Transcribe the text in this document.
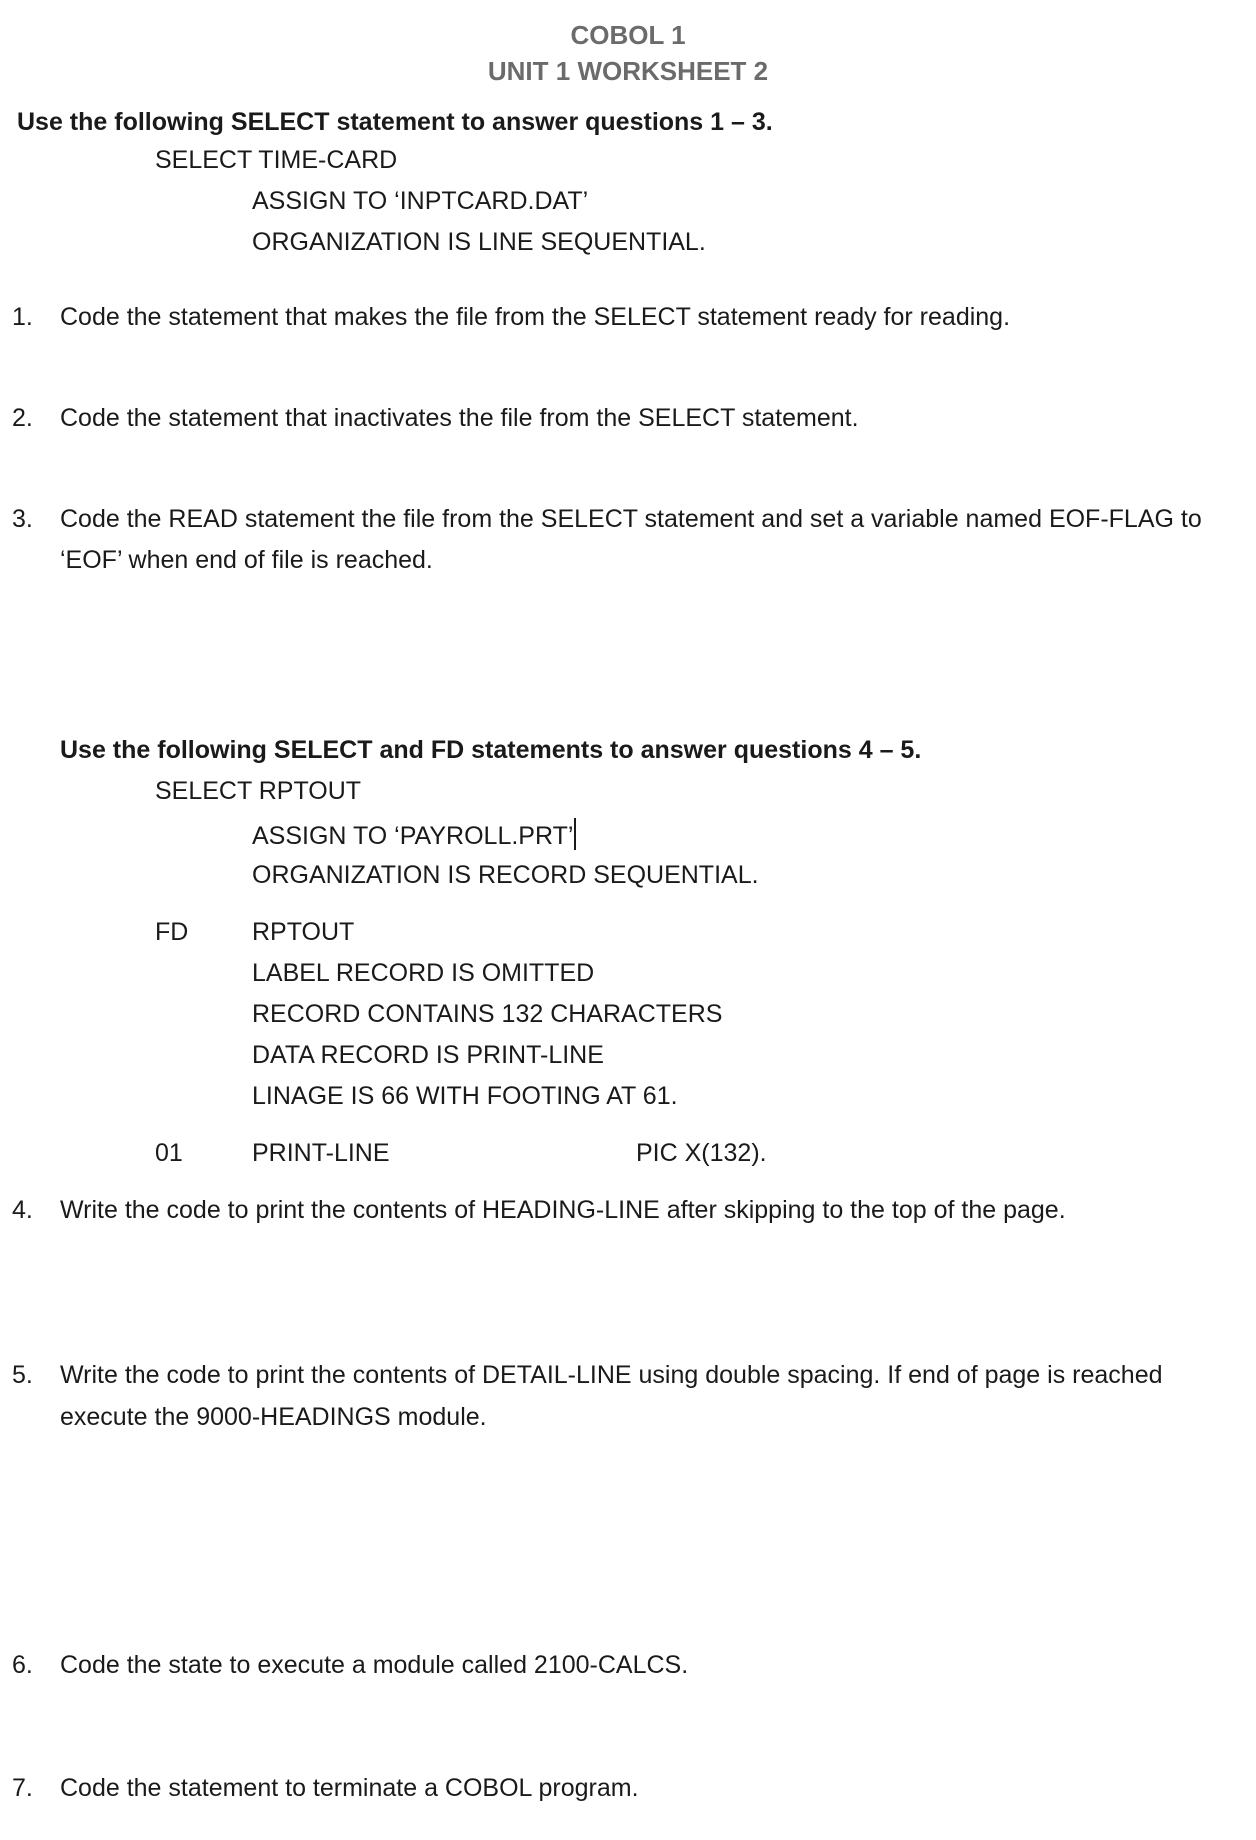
COBOL 1
UNIT 1 WORKSHEET 2
Use the following SELECT statement to answer questions 1 – 3.
SELECT TIME-CARD
ASSIGN TO ‘INPTCARD.DAT’
ORGANIZATION IS LINE SEQUENTIAL.
1.	Code the statement that makes the file from the SELECT statement ready for reading.
2.	Code the statement that inactivates the file from the SELECT statement.
3.	Code the READ statement the file from the SELECT statement and set a variable named EOF-FLAG to
‘EOF’ when end of file is reached.
Use the following SELECT and FD statements to answer questions 4 – 5.
SELECT RPTOUT
ASSIGN TO ‘PAYROLL.PRT’
ORGANIZATION IS RECORD SEQUENTIAL.
FD	RPTOUT
LABEL RECORD IS OMITTED
RECORD CONTAINS 132 CHARACTERS
DATA RECORD IS PRINT-LINE
LINAGE IS 66 WITH FOOTING AT 61.
01	PRINT-LINE	PIC X(132).
4.	Write the code to print the contents of HEADING-LINE after skipping to the top of the page.
5.	Write the code to print the contents of DETAIL-LINE using double spacing. If end of page is reached
execute the 9000-HEADINGS module.
6.	Code the state to execute a module called 2100-CALCS.
7.	Code the statement to terminate a COBOL program.
